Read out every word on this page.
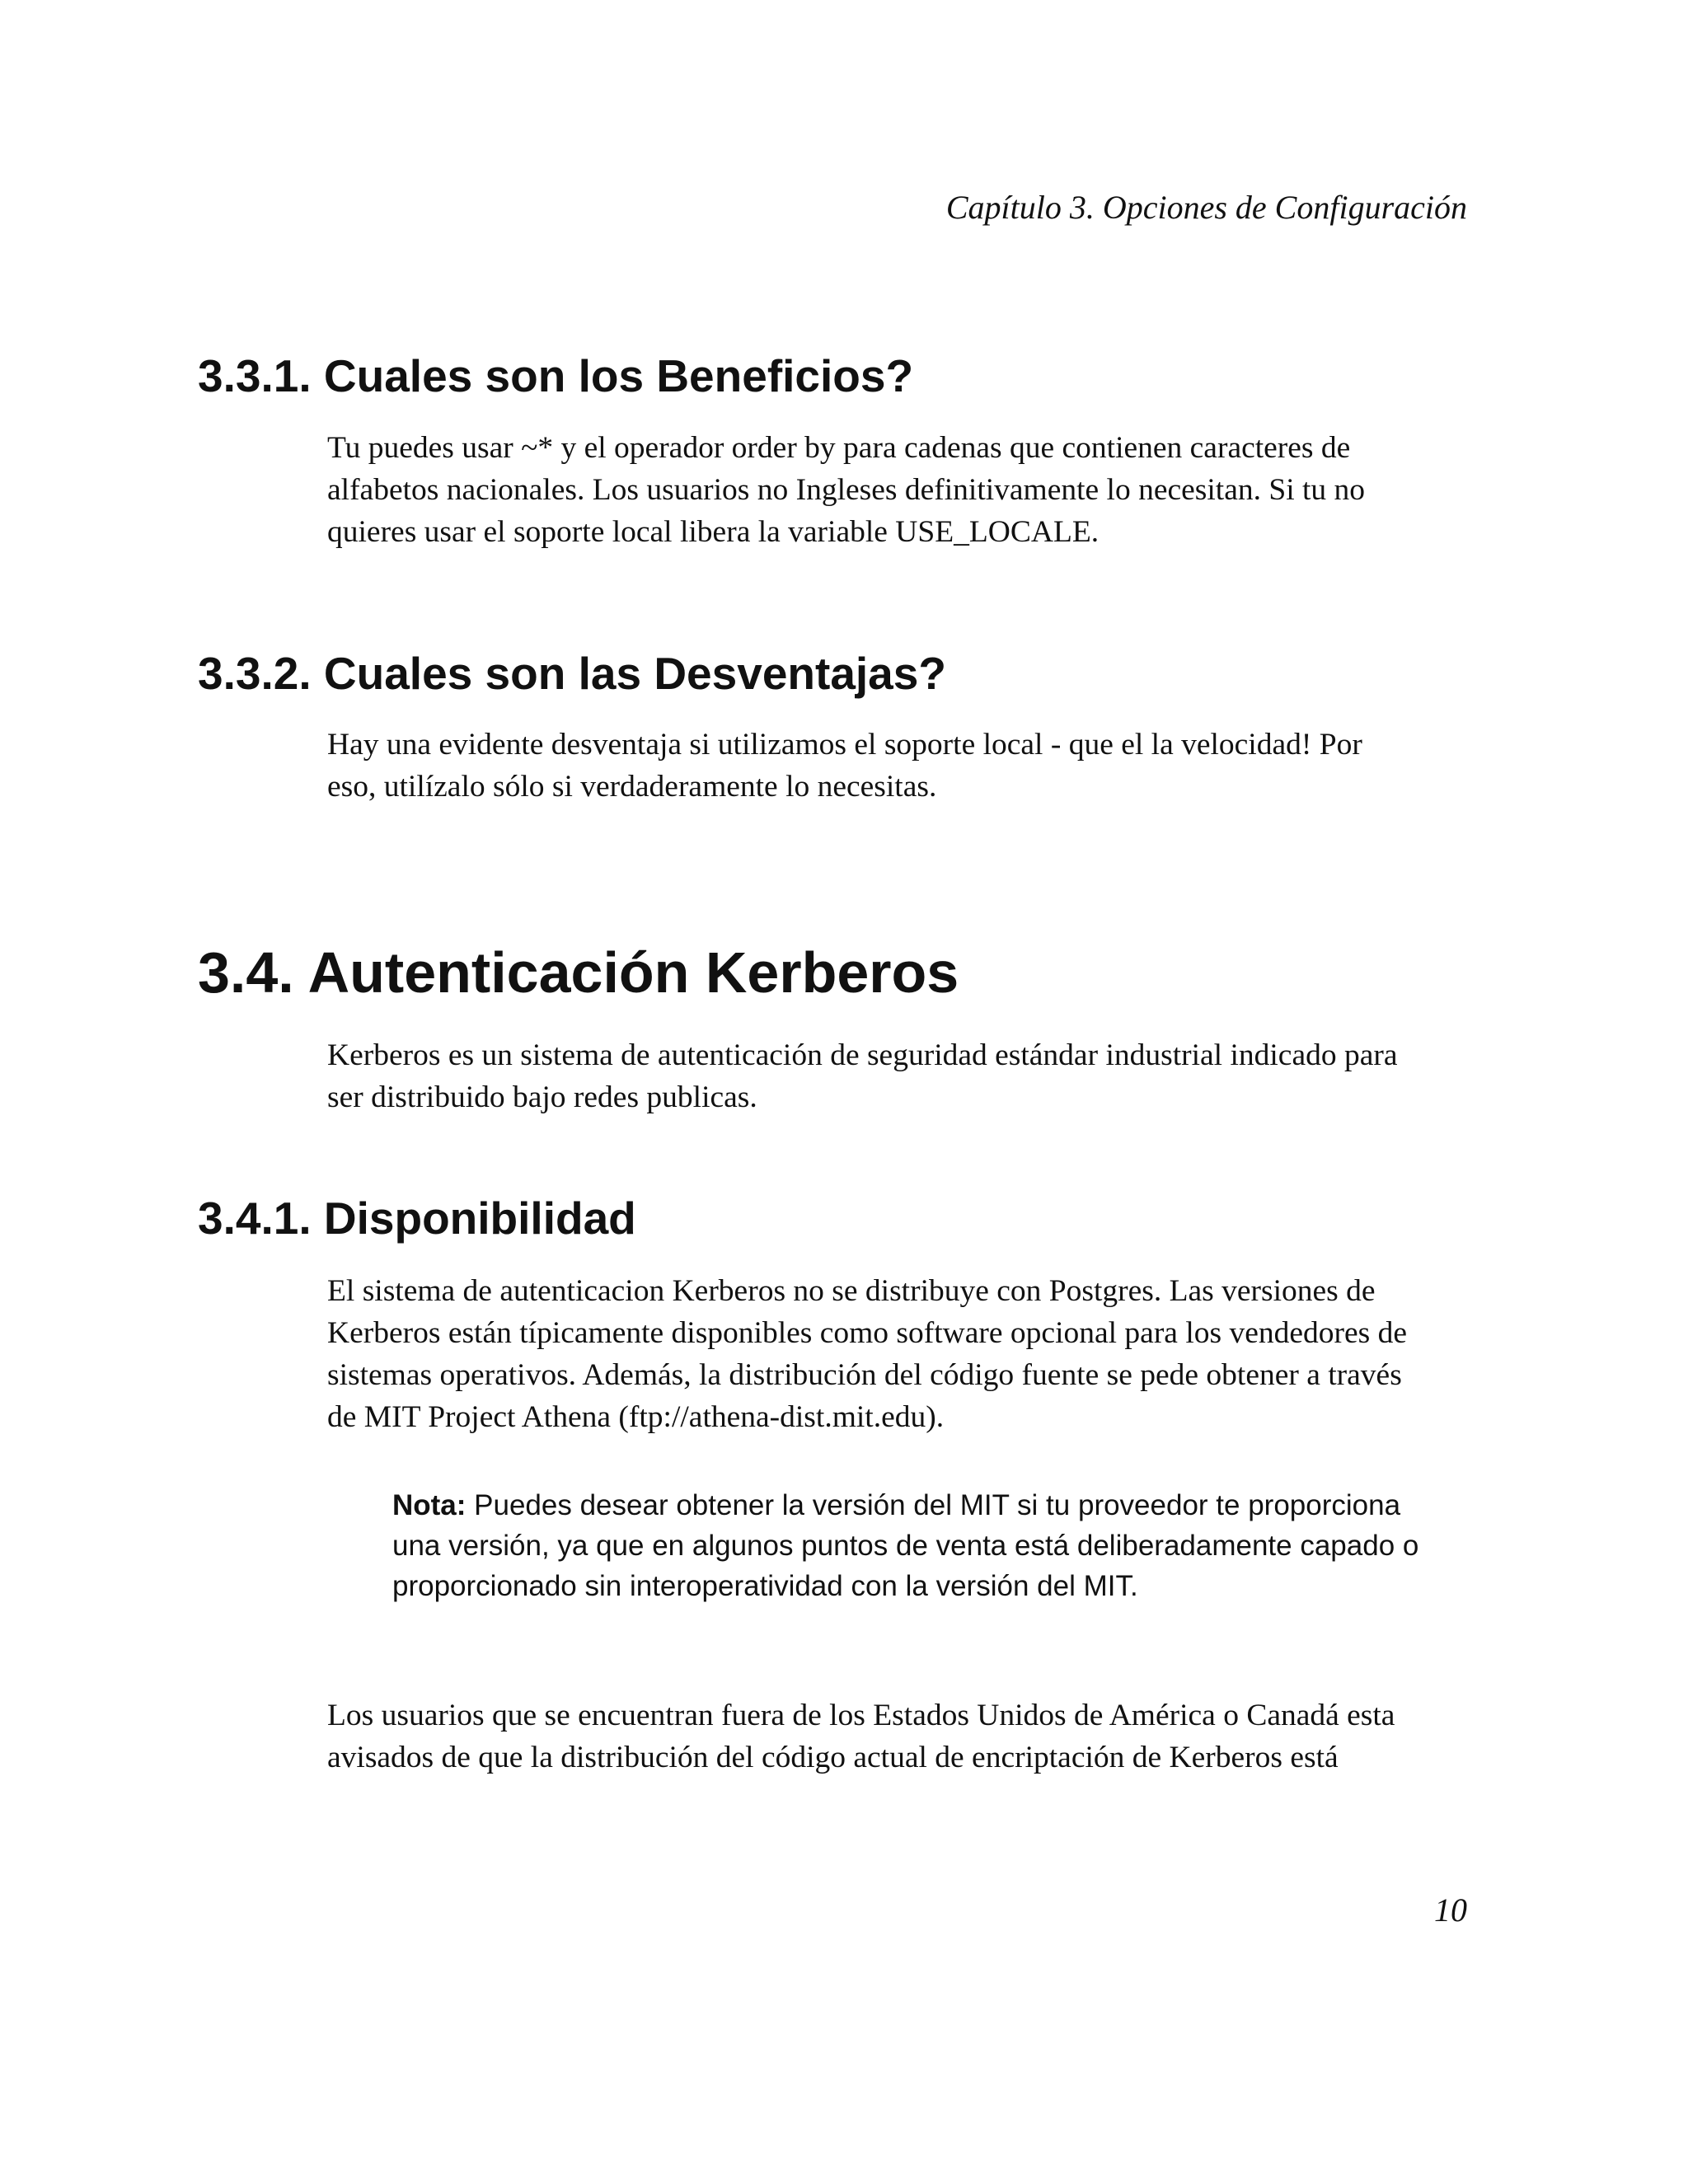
Capítulo 3. Opciones de Configuración
3.3.1. Cuales son los Beneficios?

Tu puedes usar ~* y el operador order by para cadenas que contienen caracteres de
alfabetos nacionales. Los usuarios no Ingleses definitivamente lo necesitan. Si tu no
quieres usar el soporte local libera la variable USE_LOCALE.

3.3.2. Cuales son las Desventajas?

Hay una evidente desventaja si utilizamos el soporte local - que el la velocidad! Por
eso, utilízalo sólo si verdaderamente lo necesitas.

3.4. Autenticación Kerberos

Kerberos es un sistema de autenticación de seguridad estándar industrial indicado para
ser distribuido bajo redes publicas.

3.4.1. Disponibilidad

El sistema de autenticacion Kerberos no se distribuye con Postgres. Las versiones de
Kerberos están típicamente disponibles como software opcional para los vendedores de
sistemas operativos. Además, la distribución del código fuente se pede obtener a través
de MIT Project Athena (ftp://athena-dist.mit.edu).

Nota: Puedes desear obtener la versión del MIT si tu proveedor te proporciona
una versión, ya que en algunos puntos de venta está deliberadamente capado o
proporcionado sin interoperatividad con la versión del MIT.

Los usuarios que se encuentran fuera de los Estados Unidos de América o Canadá esta
avisados de que la distribución del código actual de encriptación de Kerberos está

10
